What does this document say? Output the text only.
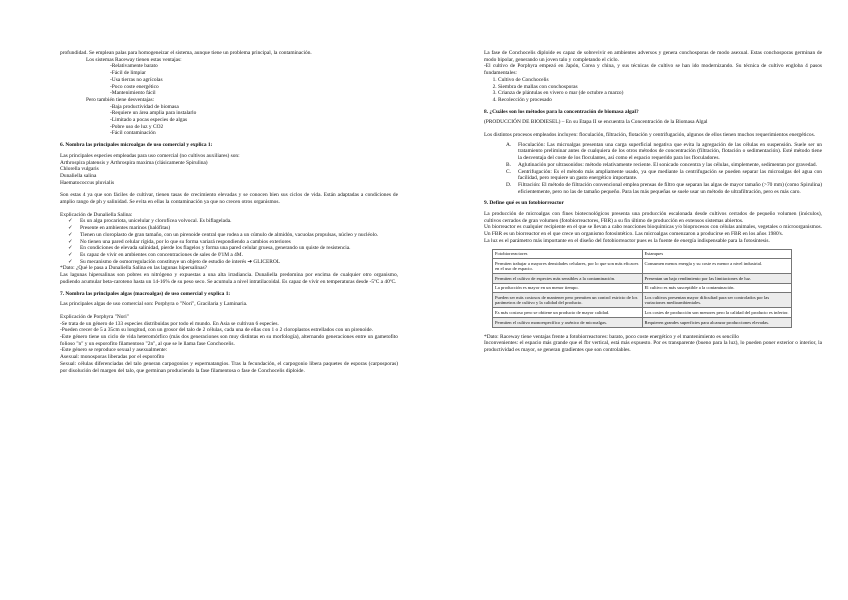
profundidad. Se emplean palas para homogeneizar el sistema, aunque tiene un problema principal, la contaminación.

Los sistemas Raceway tienen estas ventajas:

-Relativamente barato

-Fácil de limpiar

-Usa tierras no agrícolas

-Poco coste energético

-Mantenimiento fácil

Pero también tiene desventajas:

-Baja productividad de biomasa

-Requiere un área amplia para instalarlo

-Limitado a pocas especies de algas

-Pobre uso de luz y CO2

-Fácil contaminación

6. Nombra las principales microalgas de uso comercial y explica 1:

Las principales especies empleadas para uso comercial (no cultivos auxiliares) son:

Arthrospira platensis y Arthrospira maxima (clásicamente Spirulina)

Chlorella vulgaris

Dunaliella salina

Haematococcus pluvialis

Son estas 4 ya que son fáciles de cultivar, tienen tasas de crecimiento elevadas y se conocen bien sus ciclos de vida. Están adaptadas a condiciones de amplio rango de ph y salinidad. Se evita en ellas la contaminación ya que no crecen otros organismos.

Explicación de Dunaliella Salina:

✓ Es un alga procariota, unicelular y clorofícea volvocal. Es biflagelada.
✓ Presente en ambientes marinos (halófitas)
✓ Tienen un cloroplasto de gran tamaño, con un pirenoide central que rodea a un cúmulo de almidón, vacuolas propulsas, núcleo y nucléolo.
✓ No tienen una pared celular rígida, por lo que su forma variará respondiendo a cambios exteriores
✓ En condiciones de elevada salinidad, pierde los flagelos y forma una pared celular gruesa, generando un quiste de resistencia.
✓ Es capaz de vivir en ambientes con concentraciones de sales de 0'1M a 4M.
✓ Su mecanismo de osmorregulación constituye un objeto de estudio de interés ➔ GLICEROL

*Dato: ¿Qué le pasa a Dunaliella Salina en las lagunas hipersalinas?

Las lagunas hipersalinas son pobres en nitrógeno y expuestas a una alta irradiancia. Dunaliella predomina por encima de cualquier otro organismo, pudiendo acumular beta-caroteno hasta un 14-16% de su peso seco. Se acumula a nivel intratilacoidal. Es capaz de vivir en temperaturas desde -5ºC a 40ºC.

7. Nombra las principales algas (macroalgas) de uso comercial y explica 1:

Las principales algas de uso comercial son: Porphyra o "Nori", Gracilaria y Laminaria.

Explicación de Porphyra "Nori"

-Se trata de un género de 133 especies distribuidas por todo el mundo. En Asia se cultivan 6 especies.

-Pueden crecer de 5 a 35cm su longitud, con un grosor del talo de 2 células, cada una de ellas con 1 o 2 cloroplastos estrellados con un pirenoide.

-Este género tiene un ciclo de vida heteromórfico (más dos generaciones son muy distintas en su morfología), alternando generaciones entre un gametofito folioso "n" y un esporofito filamentoso "2n", al que se le llama fase Conchocelis.

-Este género se reproduce sexual y asexualmente:

Asexual: monosporas liberadas por el esporofito

Sexual: células diferenciadas del talo generan carpogonios y espermatangios. Tras la fecundación, el carpogonio libera paquetes de esporas (carposporas) por disolución del margen del talo, que germinan produciendo la fase filamentosa o fase de Conchocelis diploide.

La fase de Conchocelis diploide es capaz de sobrevivir en ambientes adversos y genera conchosporas de modo asexual. Estas conchosporas germinan de modo bipolar, generando un joven talo y completando el ciclo.

-El cultivo de Porphyra empezó en Japón, Corea y china, y sus técnicas de cultivo se han ido modernizando. Su técnica de cultivo engloba 4 pasos fundamentales:

1. Cultivo de Conchocelis
2. Siembra de mallas con conchosporas
3. Crianza de plántulas en vivero o mar (de octubre a marzo)
4. Recolección y procesado

8. ¿Cuáles son los métodos para la concentración de biomasa algal?

(PRODUCCIÓN DE BIODIESEL) – En su Etapa II se encuentra la Concentración de la Biomasa Algal

Los distintos procesos empleados incluyen: floculación, filtración, flotación y centrifugación, algunos de ellos tienen muchos requerimientos energéticos.

A. Floculación: Las microalgas presentan una carga superficial negativa que evita la agregación de las células en suspensión. Suele ser un tratamiento preliminar antes de cualquiera de los otros métodos de concentración (filtración, flotación o sedimentación). Esté método tiene la desventaja del coste de los floculantes, así como el espacio requerido para los floculadores.
B. Aglutinación por ultrasonidos: método relativamente reciente. El sonicado concentra y las células, simplemente, sedimentan por gravedad.
C. Centrifugación: Es el método más ampliamente usado, ya que mediante la centrifugación se pueden separar las microalgas del agua con facilidad, pero requiere un gasto energético importante.
D. Filtración: El método de filtración convencional emplea prensas de filtro que separan las algas de mayor tamaño (>70 mm) (como Spirulina) eficientemente, pero no las de tamaño pequeño. Para las más pequeñas se suele usar un método de ultrafiltración, pero es más caro.

9. Define qué es un fotobiorreactor

La producción de microalgas con fines biotecnológicos presenta una producción escalonada desde cultivos cerrados de pequeño volumen (inóculos), cultivos cerrados de gran volumen (fotobiorreactores, FBR) a su fin último de producción en extensos sistemas abiertos.

Un biorreactor es cualquier recipiente en el que se llevan a cabo reacciones bioquímicas y/o bioprocesos con células animales, vegetales o microorganismos. Un FBR es un biorreactor en el que crece un organismo fotosintético. Las microalgas comenzaron a producirse en FBR en los años 1980's.

La luz es el parámetro más importante en el diseño del fotobiorreactor pues es la fuente de energía indispensable para la fotosíntesis.

Fotobiorreactores	Estanques
Permiten trabajar a mayores densidades celulares, por lo que son más eficaces en el uso de espacio.	Consumen menos energía y su coste es menor a nivel industrial.
Permiten el cultivo de especies más sensibles a la contaminación.	Presentan un bajo rendimiento por las limitaciones de luz.
La producción es mayor en un menor tiempo.	El cultivo es más susceptible a la contaminación.
Pueden ser más costosos de mantener pero permiten un control estricto de los parámetros de cultivo y la calidad del producto.	Los cultivos presentan mayor dificultad para ser controlados por las variaciones medioambientales.
Es más costoso pero se obtiene un producto de mayor calidad.	Los costes de producción son menores pero la calidad del producto es inferior.
Permiten el cultivo monoespecífico y axénico de microalgas.	Requieren grandes superficies para alcanzar producciones elevadas.

*Dato: Raceway tiene ventajas frente a fotobiorreactores: barato, poco coste energético y el mantenimiento es sencillo

Inconvenientes: el espacio más grande que el fbr vertical, está más expuesto. Por es transparente (bueno para la luz), lo pueden poner exterior o interior, la productividad es mayor, se generan gradientes que son controlables.
